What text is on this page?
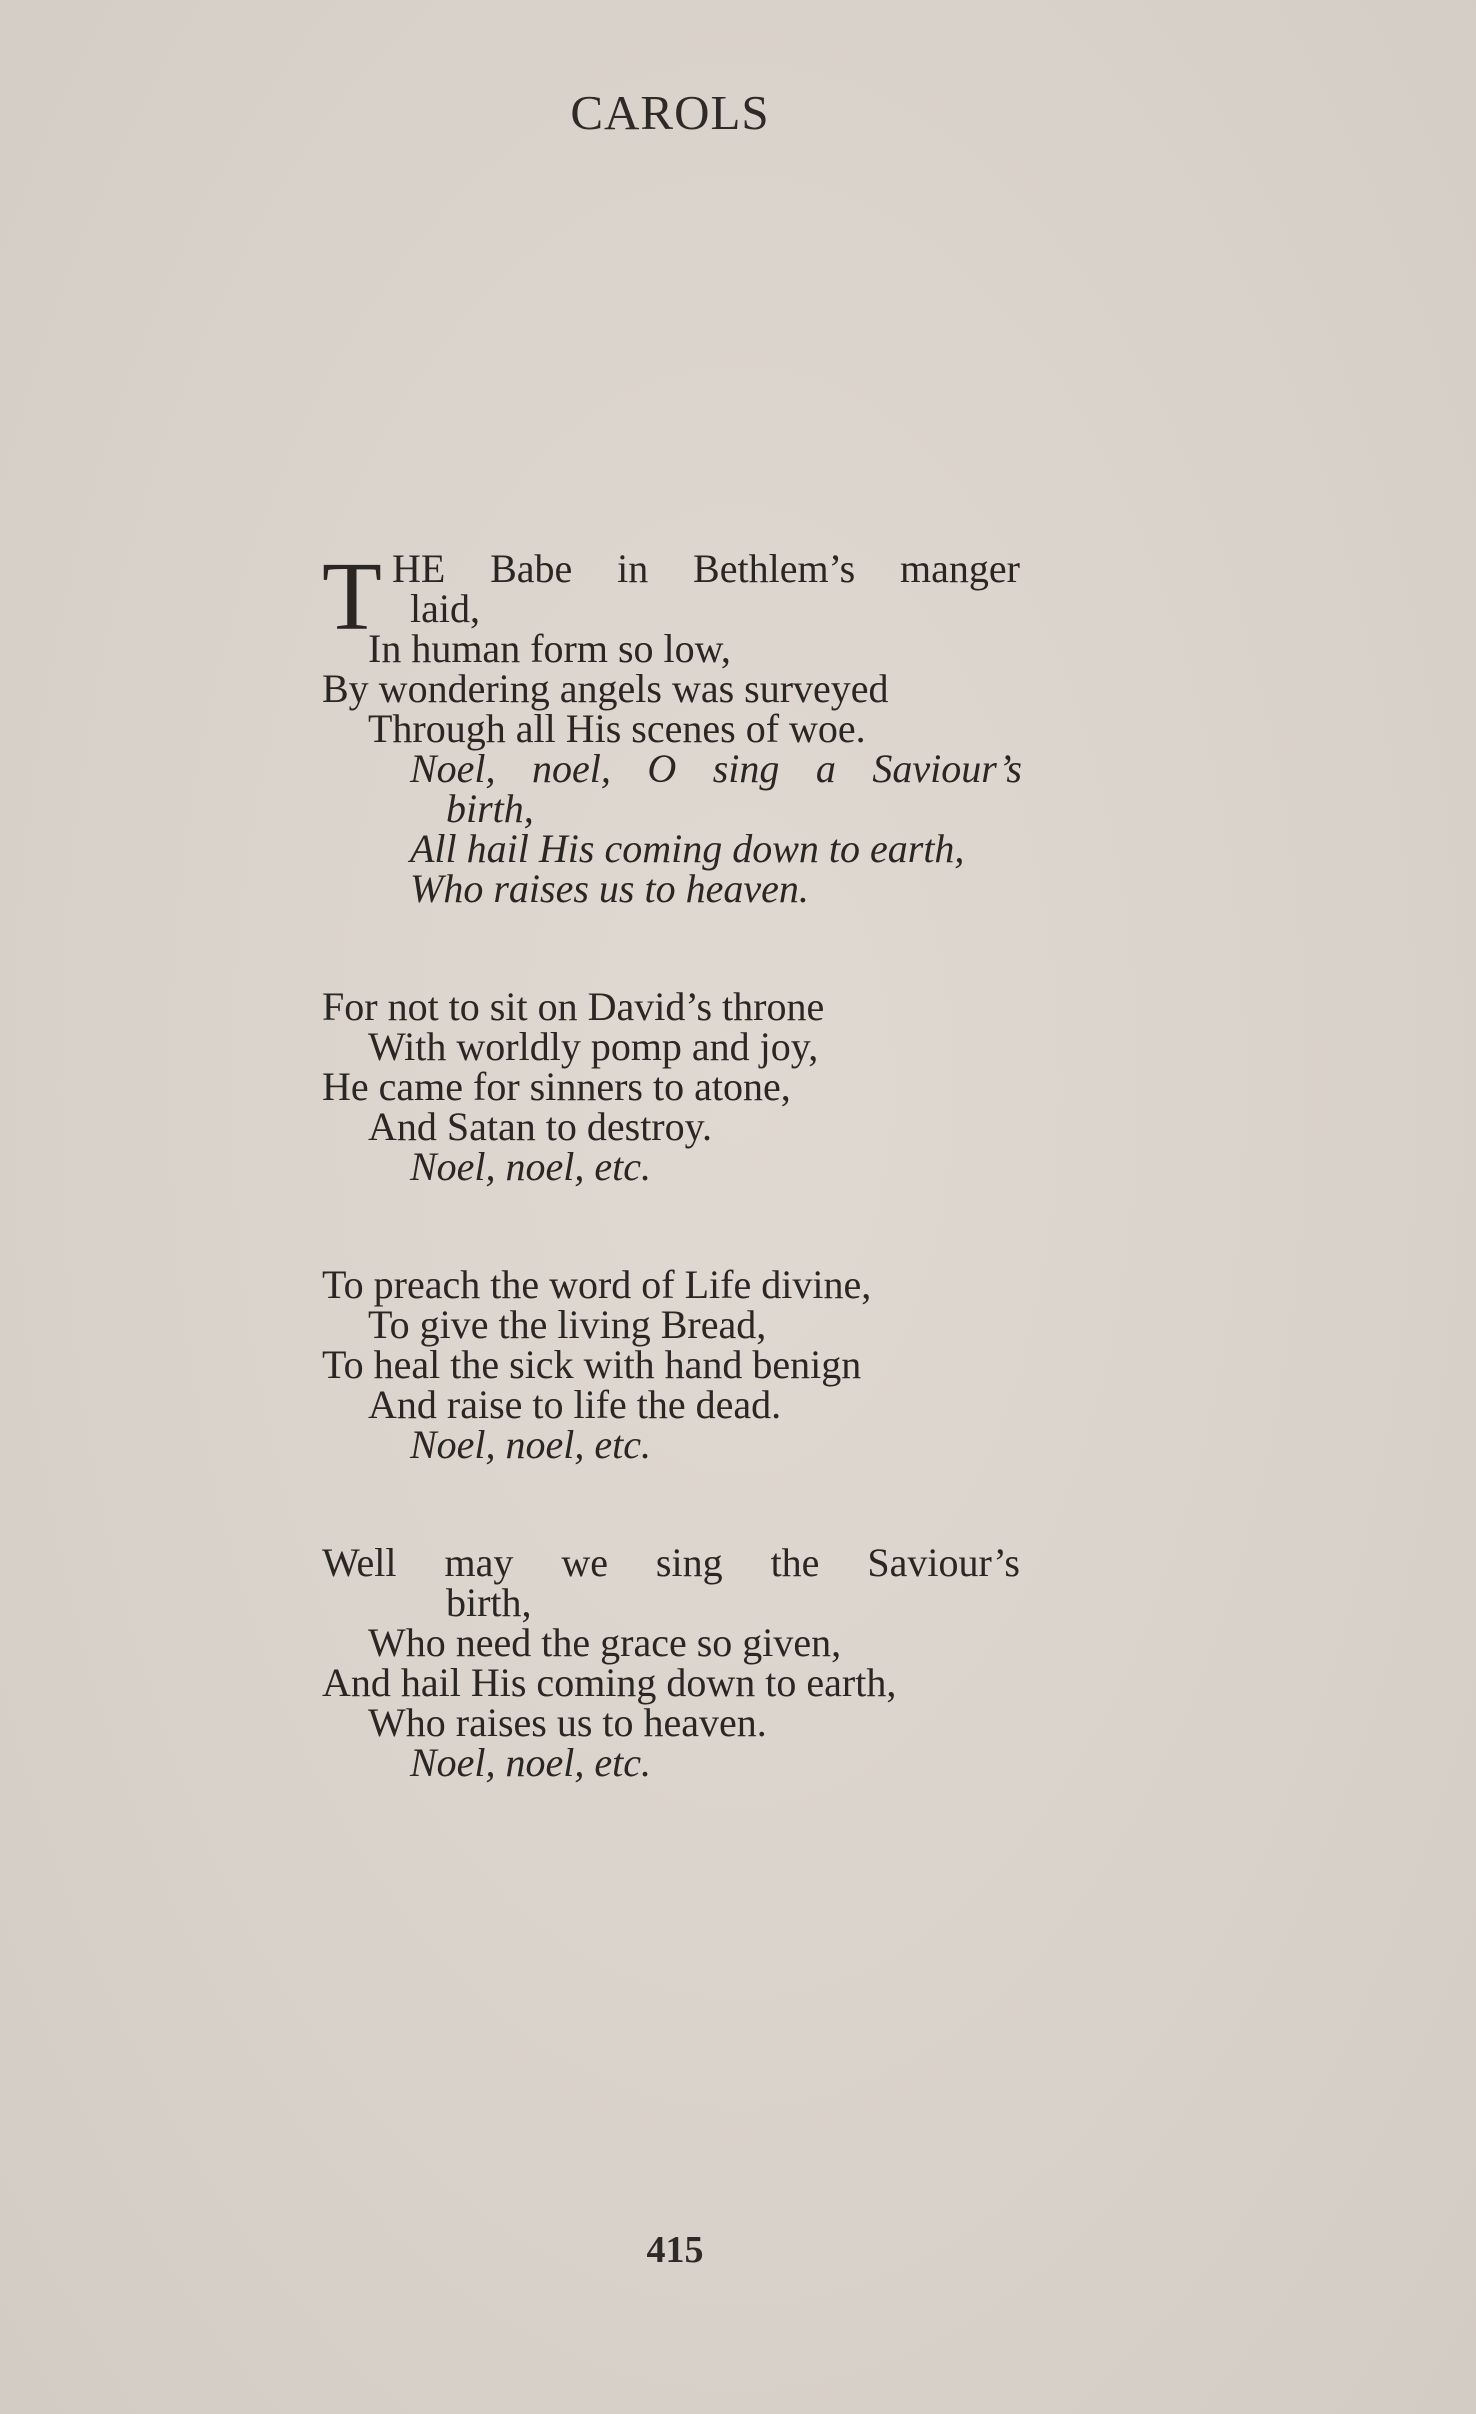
CAROLS
T HE Babe in Bethlem’s manger
laid,
In human form so low,
By wondering angels was surveyed
Through all His scenes of woe.
Noel, noel, O sing a Saviour’s
birth,
All hail His coming down to earth,
Who raises us to heaven.
For not to sit on David’s throne
With worldly pomp and joy,
He came for sinners to atone,
And Satan to destroy.
Noel, noel, etc.
To preach the word of Life divine,
To give the living Bread,
To heal the sick with hand benign
And raise to life the dead.
Noel, noel, etc.
Well may we sing the Saviour’s
birth,
Who need the grace so given,
And hail His coming down to earth,
Who raises us to heaven.
Noel, noel, etc.
415
